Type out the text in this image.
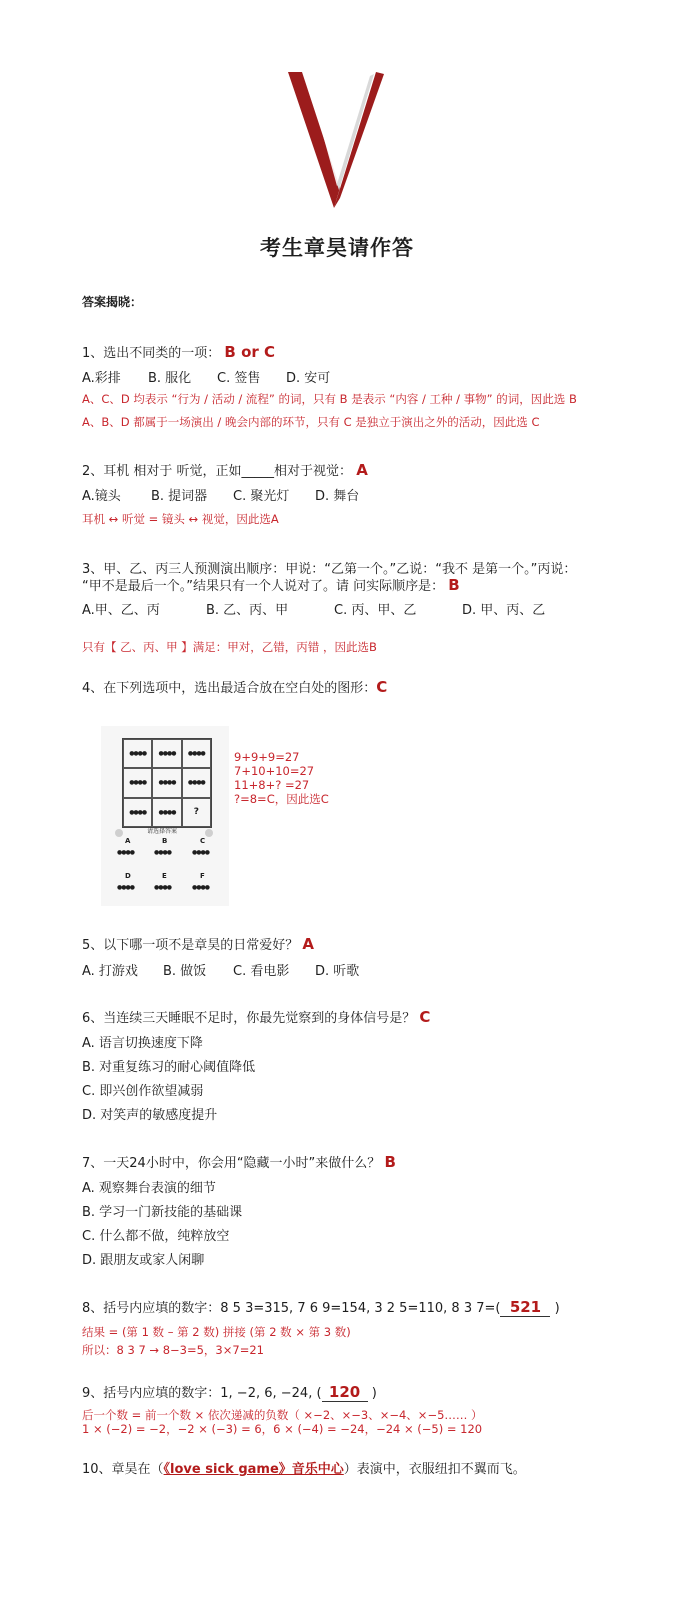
考生章昊请作答
答案揭晓：
1、选出不同类的一项： B or C
A.彩排 B. 服化 C. 签售 D. 安可
A、C、D 均表示 “行为 / 活动 / 流程” 的词，只有 B 是表示 “内容 / 工种 / 事物” 的词，因此选 B
A、B、D 都属于一场演出 / 晚会内部的环节，只有 C 是独立于演出之外的活动，因此选 C
2、耳机 相对于 听觉，正如_____相对于视觉： A
A.镜头 B. 提词器 C. 聚光灯 D. 舞台
耳机 ↔ 听觉 = 镜头 ↔ 视觉，因此选A
3、甲、乙、丙三人预测演出顺序：甲说：“乙第一个。”乙说：“我不 是第一个。”丙说：
“甲不是最后一个。”结果只有一个人说对了。请 问实际顺序是： B
A.甲、乙、丙	B. 乙、丙、甲	C. 丙、甲、乙	D. 甲、丙、乙
只有【 乙、丙、甲 】满足：甲对，乙错，丙错 ，因此选B
4、在下列选项中，选出最适合放在空白处的图形：C
●●●● ●●●● ●●●●
●●●● ●●●● ●●●●
●●●● ●●●●	?
请选择答案
A
●●●●
B
●●●●
C
●●●●
D
●●●●
E
●●●●
F
●●●●
9+9+9=27
7+10+10=27
11+8+? =27
?=8=C，因此选C
5、以下哪一项不是章昊的日常爱好？ A
A. 打游戏 B. 做饭 C. 看电影 D. 听歌
6、当连续三天睡眠不足时，你最先觉察到的身体信号是？ C
A. 语言切换速度下降
B. 对重复练习的耐心阈值降低
C. 即兴创作欲望减弱
D. 对笑声的敏感度提升
7、一天24小时中，你会用“隐藏一小时”来做什么？ B
A. 观察舞台表演的细节
B. 学习一门新技能的基础课
C. 什么都不做，纯粹放空
D. 跟朋友或家人闲聊
8、括号内应填的数字：8 5 3=315, 7 6 9=154, 3 2 5=110, 8 3 7=( 521 )
结果 = (第 1 数 – 第 2 数) 拼接 (第 2 数 × 第 3 数)
所以：8 3 7 → 8−3=5，3×7=21
9、括号内应填的数字：1, −2, 6, −24, ( 120 )
后一个数 = 前一个数 × 依次递减的负数（ ×−2、×−3、×−4、×−5…… ）
1 × (−2) = −2，−2 × (−3) = 6，6 × (−4) = −24，−24 × (−5) = 120
10、章昊在（《love sick game》音乐中心）表演中，衣服纽扣不翼而飞。
